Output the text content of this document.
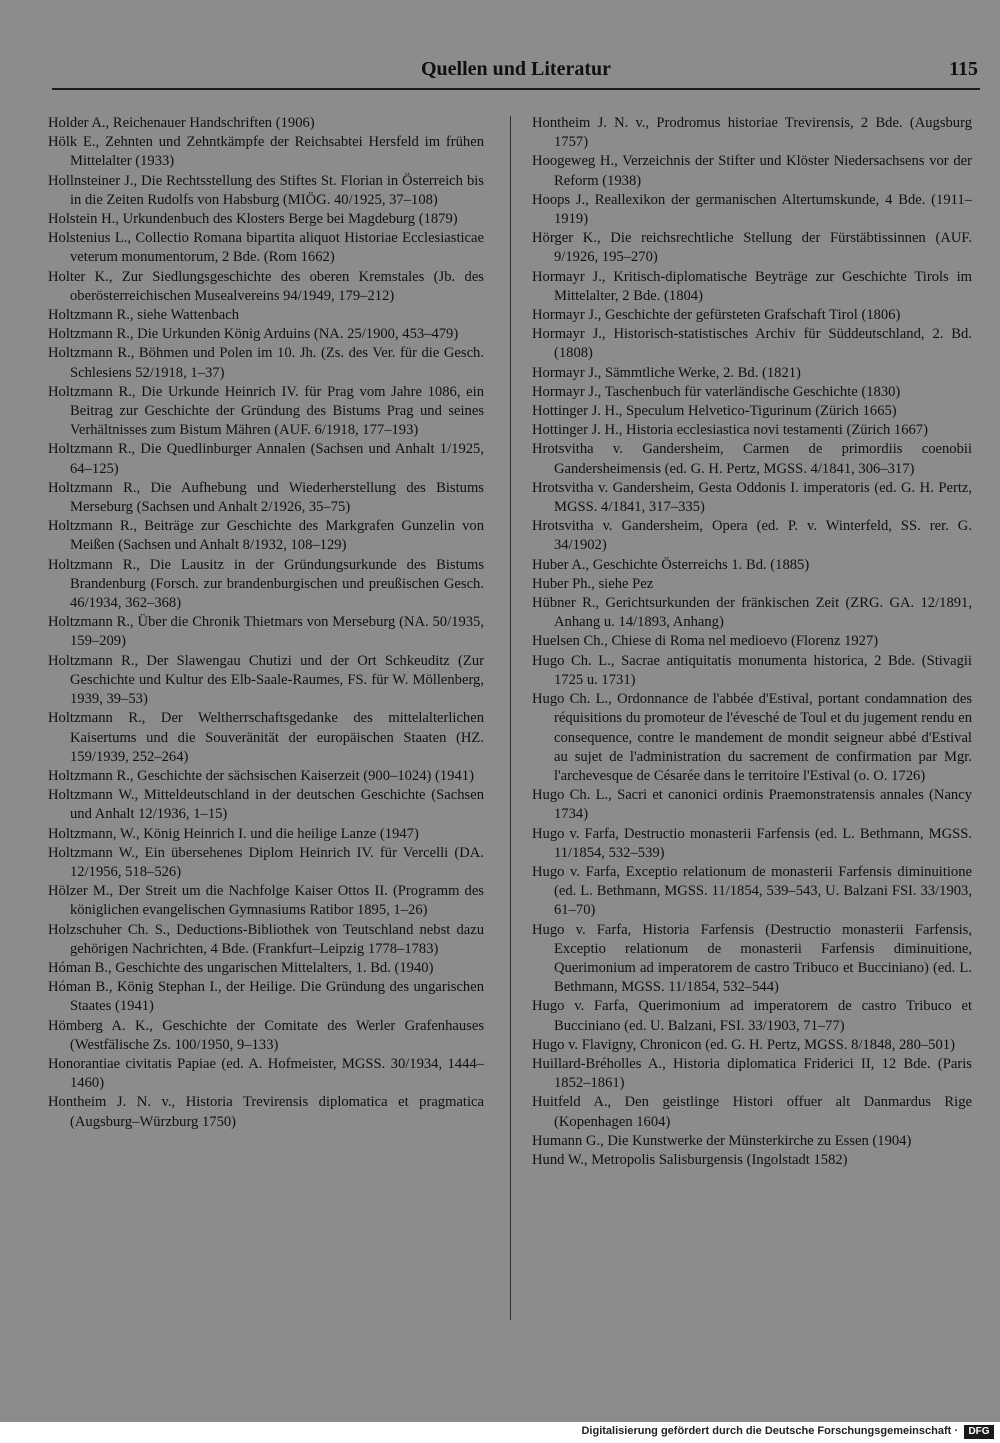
Quellen und Literatur	115

Holder A., Reichenauer Handschriften (1906)

Hölk E., Zehnten und Zehntkämpfe der Reichsabtei Hersfeld im frühen Mittelalter (1933)

Hollnsteiner J., Die Rechtsstellung des Stiftes St. Florian in Österreich bis in die Zeiten Rudolfs von Habsburg (MIÖG. 40/1925, 37–108)

Holstein H., Urkundenbuch des Klosters Berge bei Magdeburg (1879)

Holstenius L., Collectio Romana bipartita aliquot Historiae Ecclesiasticae veterum monumentorum, 2 Bde. (Rom 1662)

Holter K., Zur Siedlungsgeschichte des oberen Kremstales (Jb. des oberösterreichischen Musealvereins 94/1949, 179–212)

Holtzmann R., siehe Wattenbach

Holtzmann R., Die Urkunden König Arduins (NA. 25/1900, 453–479)

Holtzmann R., Böhmen und Polen im 10. Jh. (Zs. des Ver. für die Gesch. Schlesiens 52/1918, 1–37)

Holtzmann R., Die Urkunde Heinrich IV. für Prag vom Jahre 1086, ein Beitrag zur Geschichte der Gründung des Bistums Prag und seines Verhältnisses zum Bistum Mähren (AUF. 6/1918, 177–193)

Holtzmann R., Die Quedlinburger Annalen (Sachsen und Anhalt 1/1925, 64–125)

Holtzmann R., Die Aufhebung und Wiederherstellung des Bistums Merseburg (Sachsen und Anhalt 2/1926, 35–75)

Holtzmann R., Beiträge zur Geschichte des Markgrafen Gunzelin von Meißen (Sachsen und Anhalt 8/1932, 108–129)

Holtzmann R., Die Lausitz in der Gründungsurkunde des Bistums Brandenburg (Forsch. zur brandenburgischen und preußischen Gesch. 46/1934, 362–368)

Holtzmann R., Über die Chronik Thietmars von Merseburg (NA. 50/1935, 159–209)

Holtzmann R., Der Slawengau Chutizi und der Ort Schkeuditz (Zur Geschichte und Kultur des Elb-Saale-Raumes, FS. für W. Möllenberg, 1939, 39–53)

Holtzmann R., Der Weltherrschaftsgedanke des mittelalterlichen Kaisertums und die Souveränität der europäischen Staaten (HZ. 159/1939, 252–264)

Holtzmann R., Geschichte der sächsischen Kaiserzeit (900–1024) (1941)

Holtzmann W., Mitteldeutschland in der deutschen Geschichte (Sachsen und Anhalt 12/1936, 1–15)

Holtzmann, W., König Heinrich I. und die heilige Lanze (1947)

Holtzmann W., Ein übersehenes Diplom Heinrich IV. für Vercelli (DA. 12/1956, 518–526)

Hölzer M., Der Streit um die Nachfolge Kaiser Ottos II. (Programm des königlichen evangelischen Gymnasiums Ratibor 1895, 1–26)

Holzschuher Ch. S., Deductions-Bibliothek von Teutschland nebst dazu gehörigen Nachrichten, 4 Bde. (Frankfurt–Leipzig 1778–1783)

Hóman B., Geschichte des ungarischen Mittelalters, 1. Bd. (1940)

Hóman B., König Stephan I., der Heilige. Die Gründung des ungarischen Staates (1941)

Hömberg A. K., Geschichte der Comitate des Werler Grafenhauses (Westfälische Zs. 100/1950, 9–133)

Honorantiae civitatis Papiae (ed. A. Hofmeister, MGSS. 30/1934, 1444–1460)

Hontheim J. N. v., Historia Trevirensis diplomatica et pragmatica (Augsburg–Würzburg 1750)

Hontheim J. N. v., Prodromus historiae Trevirensis, 2 Bde. (Augsburg 1757)

Hoogeweg H., Verzeichnis der Stifter und Klöster Niedersachsens vor der Reform (1938)

Hoops J., Reallexikon der germanischen Altertumskunde, 4 Bde. (1911–1919)

Hörger K., Die reichsrechtliche Stellung der Fürstäbtissinnen (AUF. 9/1926, 195–270)

Hormayr J., Kritisch-diplomatische Beyträge zur Geschichte Tirols im Mittelalter, 2 Bde. (1804)

Hormayr J., Geschichte der gefürsteten Grafschaft Tirol (1806)

Hormayr J., Historisch-statistisches Archiv für Süddeutschland, 2. Bd. (1808)

Hormayr J., Sämmtliche Werke, 2. Bd. (1821)

Hormayr J., Taschenbuch für vaterländische Geschichte (1830)

Hottinger J. H., Speculum Helvetico-Tigurinum (Zürich 1665)

Hottinger J. H., Historia ecclesiastica novi testamenti (Zürich 1667)

Hrotsvitha v. Gandersheim, Carmen de primordiis coenobii Gandersheimensis (ed. G. H. Pertz, MGSS. 4/1841, 306–317)

Hrotsvitha v. Gandersheim, Gesta Oddonis I. imperatoris (ed. G. H. Pertz, MGSS. 4/1841, 317–335)

Hrotsvitha v. Gandersheim, Opera (ed. P. v. Winterfeld, SS. rer. G. 34/1902)

Huber A., Geschichte Österreichs 1. Bd. (1885)

Huber Ph., siehe Pez

Hübner R., Gerichtsurkunden der fränkischen Zeit (ZRG. GA. 12/1891, Anhang u. 14/1893, Anhang)

Huelsen Ch., Chiese di Roma nel medioevo (Florenz 1927)

Hugo Ch. L., Sacrae antiquitatis monumenta historica, 2 Bde. (Stivagii 1725 u. 1731)

Hugo Ch. L., Ordonnance de l'abbée d'Estival, portant condamnation des réquisitions du promoteur de l'évesché de Toul et du jugement rendu en consequence, contre le mandement de mondit seigneur abbé d'Estival au sujet de l'administration du sacrement de confirmation par Mgr. l'archevesque de Césarée dans le territoire l'Estival (o. O. 1726)

Hugo Ch. L., Sacri et canonici ordinis Praemonstratensis annales (Nancy 1734)

Hugo v. Farfa, Destructio monasterii Farfensis (ed. L. Bethmann, MGSS. 11/1854, 532–539)

Hugo v. Farfa, Exceptio relationum de monasterii Farfensis diminuitione (ed. L. Bethmann, MGSS. 11/1854, 539–543, U. Balzani FSI. 33/1903, 61–70)

Hugo v. Farfa, Historia Farfensis (Destructio monasterii Farfensis, Exceptio relationum de monasterii Farfensis diminuitione, Querimonium ad imperatorem de castro Tribuco et Bucciniano) (ed. L. Bethmann, MGSS. 11/1854, 532–544)

Hugo v. Farfa, Querimonium ad imperatorem de castro Tribuco et Bucciniano (ed. U. Balzani, FSI. 33/1903, 71–77)

Hugo v. Flavigny, Chronicon (ed. G. H. Pertz, MGSS. 8/1848, 280–501)

Huillard-Bréholles A., Historia diplomatica Friderici II, 12 Bde. (Paris 1852–1861)

Huitfeld A., Den geistlinge Histori offuer alt Danmardus Rige (Kopenhagen 1604)

Humann G., Die Kunstwerke der Münsterkirche zu Essen (1904)

Hund W., Metropolis Salisburgensis (Ingolstadt 1582)

Digitalisierung gefördert durch die Deutsche Forschungsgemeinschaft ·	DFG
